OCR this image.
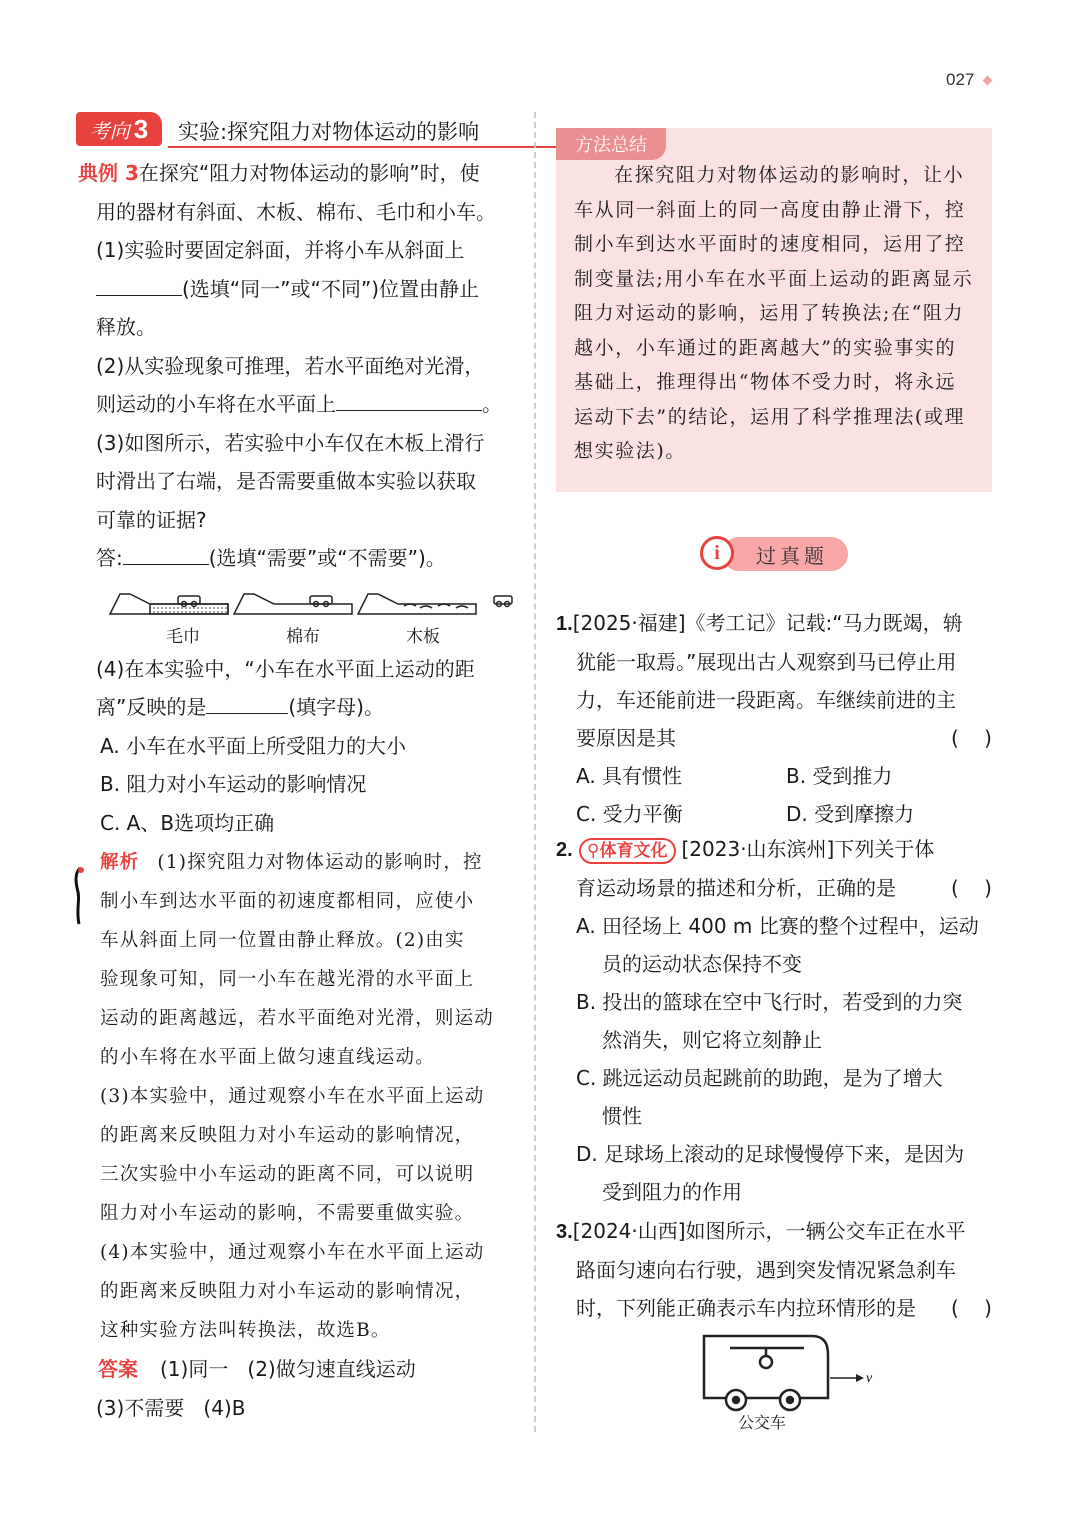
027
考向 3 实验:探究阻力对物体运动的影响
典例 3在探究“阻力对物体运动的影响”时，使
用的器材有斜面、木板、棉布、毛巾和小车。
(1)实验时要固定斜面，并将小车从斜面上
(选填“同一”或“不同”)位置由静止
释放。
(2)从实验现象可推理，若水平面绝对光滑，
则运动的小车将在水平面上	。
(3)如图所示，若实验中小车仅在木板上滑行
时滑出了右端，是否需要重做本实验以获取
可靠的证据?
答:	(选填“需要”或“不需要”)。
毛巾	棉布	木板
(4)在本实验中，“小车在水平面上运动的距
离”反映的是	(填字母)。
A. 小车在水平面上所受阻力的大小
B. 阻力对小车运动的影响情况
C. A、B选项均正确
解析 (1)探究阻力对物体运动的影响时，控
制小车到达水平面的初速度都相同，应使小
车从斜面上同一位置由静止释放。(2)由实
验现象可知，同一小车在越光滑的水平面上
运动的距离越远，若水平面绝对光滑，则运动
的小车将在水平面上做匀速直线运动。
(3)本实验中，通过观察小车在水平面上运动
的距离来反映阻力对小车运动的影响情况，
三次实验中小车运动的距离不同，可以说明
阻力对小车运动的影响，不需要重做实验。
(4)本实验中，通过观察小车在水平面上运动
的距离来反映阻力对小车运动的影响情况，
这种实验方法叫转换法，故选B。
答案 (1)同一   (2)做匀速直线运动
(3)不需要   (4)B
方法总结
在探究阻力对物体运动的影响时，让小车从同一斜面上的同一高度由静止滑下，控制小车到达水平面时的速度相同，运用了控制变量法;用小车在水平面上运动的距离显示阻力对运动的影响，运用了转换法;在“阻力越小，小车通过的距离越大”的实验事实的基础上，推理得出“物体不受力时，将永远运动下去”的结论，运用了科学推理法(或理想实验法)。
过真题
i
1.[2025·福建]《考工记》记载:“马力既竭，辀
犹能一取焉。”展现出古人观察到马已停止用
力，车还能前进一段距离。车继续前进的主
要原因是其	(    )
A. 具有惯性	B. 受到推力
C. 受力平衡	D. 受到摩擦力
2. ⚲体育文化 [2023·山东滨州]下列关于体
育运动场景的描述和分析，正确的是	(    )
A. 田径场上 400 m 比赛的整个过程中，运动
员的运动状态保持不变
B. 投出的篮球在空中飞行时，若受到的力突
然消失，则它将立刻静止
C. 跳远运动员起跳前的助跑，是为了增大
惯性
D. 足球场上滚动的足球慢慢停下来，是因为
受到阻力的作用
3.[2024·山西]如图所示，一辆公交车正在水平
路面匀速向右行驶，遇到突发情况紧急刹车
时，下列能正确表示车内拉环情形的是 (    )
v
公交车
